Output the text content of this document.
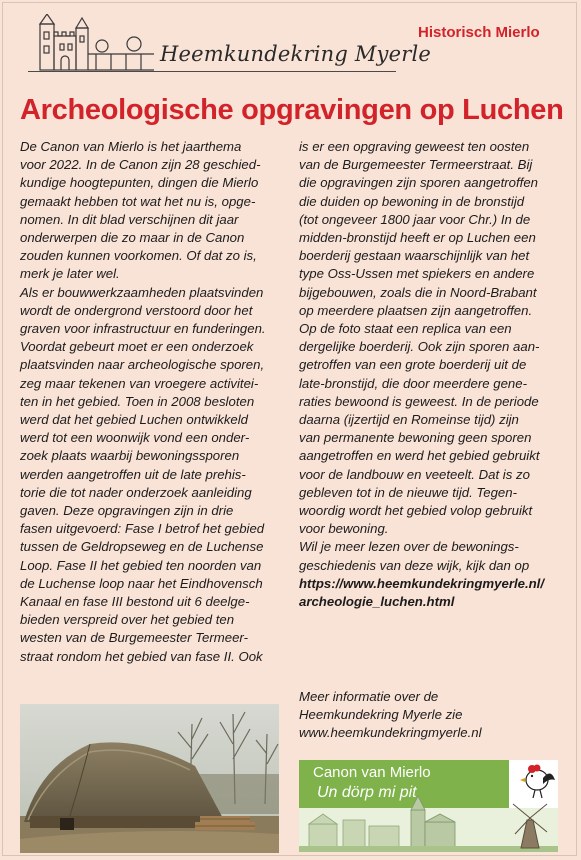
Heemkundekring Myerle
Historisch Mierlo
Archeologische opgravingen op Luchen

De Canon van Mierlo is het jaarthema
voor 2022. In de Canon zijn 28 geschied-
kundige hoogtepunten, dingen die Mierlo
gemaakt hebben tot wat het nu is, opge-
nomen. In dit blad verschijnen dit jaar
onderwerpen die zo maar in de Canon
zouden kunnen voorkomen. Of dat zo is,
merk je later wel.
Als er bouwwerkzaamheden plaatsvinden
wordt de ondergrond verstoord door het
graven voor infrastructuur en funderingen.
Voordat gebeurt moet er een onderzoek
plaatsvinden naar archeologische sporen,
zeg maar tekenen van vroegere activitei-
ten in het gebied. Toen in 2008 besloten
werd dat het gebied Luchen ontwikkeld
werd tot een woonwijk vond een onder-
zoek plaats waarbij bewoningssporen
werden aangetroffen uit de late prehis-
torie die tot nader onderzoek aanleiding
gaven. Deze opgravingen zijn in drie
fasen uitgevoerd: Fase I betrof het gebied
tussen de Geldropseweg en de Luchense
Loop. Fase II het gebied ten noorden van
de Luchense loop naar het Eindhovensch
Kanaal en fase III bestond uit 6 deelge-
bieden verspreid over het gebied ten
westen van de Burgemeester Termeer-
straat rondom het gebied van fase II. Ook

is er een opgraving geweest ten oosten
van de Burgemeester Termeerstraat. Bij
die opgravingen zijn sporen aangetroffen
die duiden op bewoning in de bronstijd
(tot ongeveer 1800 jaar voor Chr.) In de
midden-bronstijd heeft er op Luchen een
boerderij gestaan waarschijnlijk van het
type Oss-Ussen met spiekers en andere
bijgebouwen, zoals die in Noord-Brabant
op meerdere plaatsen zijn aangetroffen.
Op de foto staat een replica van een
dergelijke boerderij. Ook zijn sporen aan-
getroffen van een grote boerderij uit de
late-bronstijd, die door meerdere gene-
raties bewoond is geweest. In de periode
daarna (ijzertijd en Romeinse tijd) zijn
van permanente bewoning geen sporen
aangetroffen en werd het gebied gebruikt
voor de landbouw en veeteelt. Dat is zo
gebleven tot in de nieuwe tijd. Tegen-
woordig wordt het gebied volop gebruikt
voor bewoning.
Wil je meer lezen over de bewonings-
geschiedenis van deze wijk, kijk dan op

https://www.heemkundekringmyerle.nl/

archeologie_luchen.html

Meer informatie over de
Heemkundekring Myerle zie

www.heemkundekringmyerle.nl

Canon van Mierlo
Un dörp mi pit
